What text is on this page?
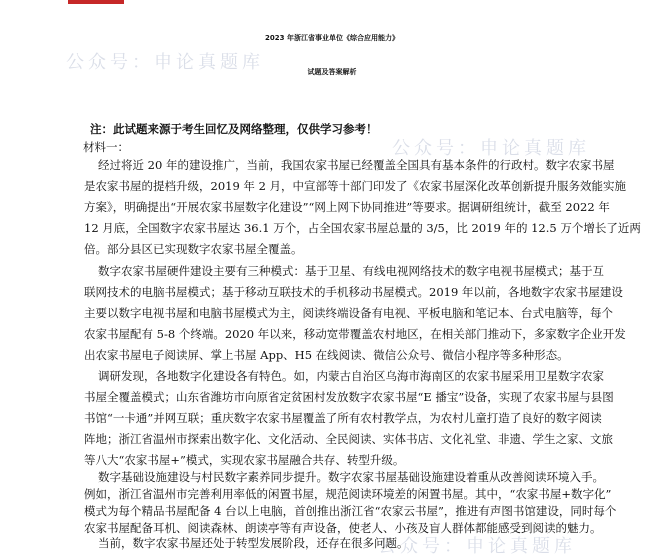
公众号：申论真题库
公众号：申论真题库
公众号：申论真题库
2023 年浙江省事业单位《综合应用能力》
试题及答案解析
注：此试题来源于考生回忆及网络整理，仅供学习参考！
材料一：
经过将近 20 年的建设推广，当前，我国农家书屋已经覆盖全国具有基本条件的行政村。数字农家书屋
是农家书屋的提档升级，2019 年 2 月，中宣部等十部门印发了《农家书屋深化改革创新提升服务效能实施
方案》，明确提出“开展农家书屋数字化建设”“网上网下协同推进”等要求。据调研组统计，截至 2022 年
12 月底，全国数字农家书屋达 36.1 万个，占全国农家书屋总量的 3/5，比 2019 年的 12.5 万个增长了近两
倍。部分县区已实现数字农家书屋全覆盖。
数字农家书屋硬件建设主要有三种模式：基于卫星、有线电视网络技术的数字电视书屋模式；基于互
联网技术的电脑书屋模式；基于移动互联技术的手机移动书屋模式。2019 年以前，各地数字农家书屋建设
主要以数字电视书屋和电脑书屋模式为主，阅读终端设备有电视、平板电脑和笔记本、台式电脑等，每个
农家书屋配有 5-8 个终端。2020 年以来，移动宽带覆盖农村地区，在相关部门推动下，多家数字企业开发
出农家书屋电子阅读屏、掌上书屋 App、H5 在线阅读、微信公众号、微信小程序等多种形态。
调研发现，各地数字化建设各有特色。如，内蒙古自治区乌海市海南区的农家书屋采用卫星数字农家
书屋全覆盖模式；山东省潍坊市向原省定贫困村发放数字农家书屋“E 播宝”设备，实现了农家书屋与县图
书馆“一卡通”并网互联；重庆数字农家书屋覆盖了所有农村教学点，为农村儿童打造了良好的数字阅读
阵地；浙江省温州市探索出数字化、文化活动、全民阅读、实体书店、文化礼堂、非遗、学生之家、文旅
等八大“农家书屋+”模式，实现农家书屋融合共存、转型升级。
数字基础设施建设与村民数字素养同步提升。数字农家书屋基础设施建设着重从改善阅读环境入手。
例如，浙江省温州市完善利用率低的闲置书屋，规范阅读环境差的闲置书屋。其中，“农家书屋+数字化”
模式为每个精品书屋配备 4 台以上电脑，首创推出浙江省“农家云书屋”，推进有声图书馆建设，同时每个
农家书屋配备耳机、阅读森林、朗读亭等有声设备，使老人、小孩及盲人群体都能感受到阅读的魅力。
当前，数字农家书屋还处于转型发展阶段，还存在很多问题。
